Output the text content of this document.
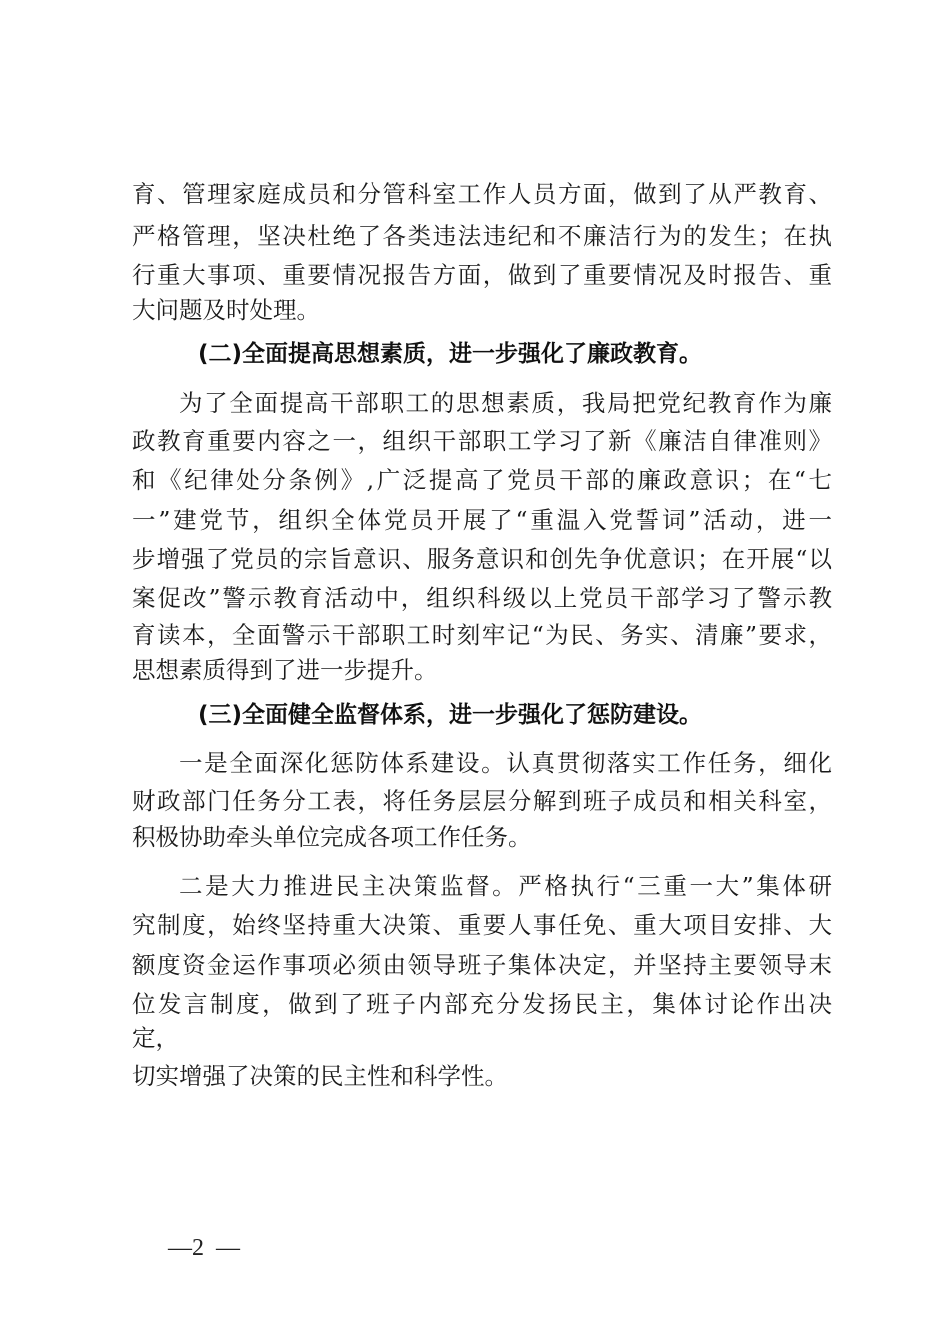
育、管理家庭成员和分管科室工作人员方面，做到了从严教育、
严格管理，坚决杜绝了各类违法违纪和不廉洁行为的发生；在执
行重大事项、重要情况报告方面，做到了重要情况及时报告、重
大问题及时处理。
(二)全面提高思想素质，进一步强化了廉政教育。
为了全面提高干部职工的思想素质，我局把党纪教育作为廉
政教育重要内容之一，组织干部职工学习了新《廉洁自律准则》
和《纪律处分条例》,广泛提高了党员干部的廉政意识；在“七
一”建党节，组织全体党员开展了“重温入党誓词”活动，进一
步增强了党员的宗旨意识、服务意识和创先争优意识；在开展“以
案促改”警示教育活动中，组织科级以上党员干部学习了警示教
育读本，全面警示干部职工时刻牢记“为民、务实、清廉”要求，
思想素质得到了进一步提升。
(三)全面健全监督体系，进一步强化了惩防建设。
一是全面深化惩防体系建设。认真贯彻落实工作任务，细化
财政部门任务分工表，将任务层层分解到班子成员和相关科室，
积极协助牵头单位完成各项工作任务。
二是大力推进民主决策监督。严格执行“三重一大”集体研
究制度，始终坚持重大决策、重要人事任免、重大项目安排、大
额度资金运作事项必须由领导班子集体决定，并坚持主要领导末
位发言制度，做到了班子内部充分发扬民主，集体讨论作出决
定，
切实增强了决策的民主性和科学性。
—2  —
